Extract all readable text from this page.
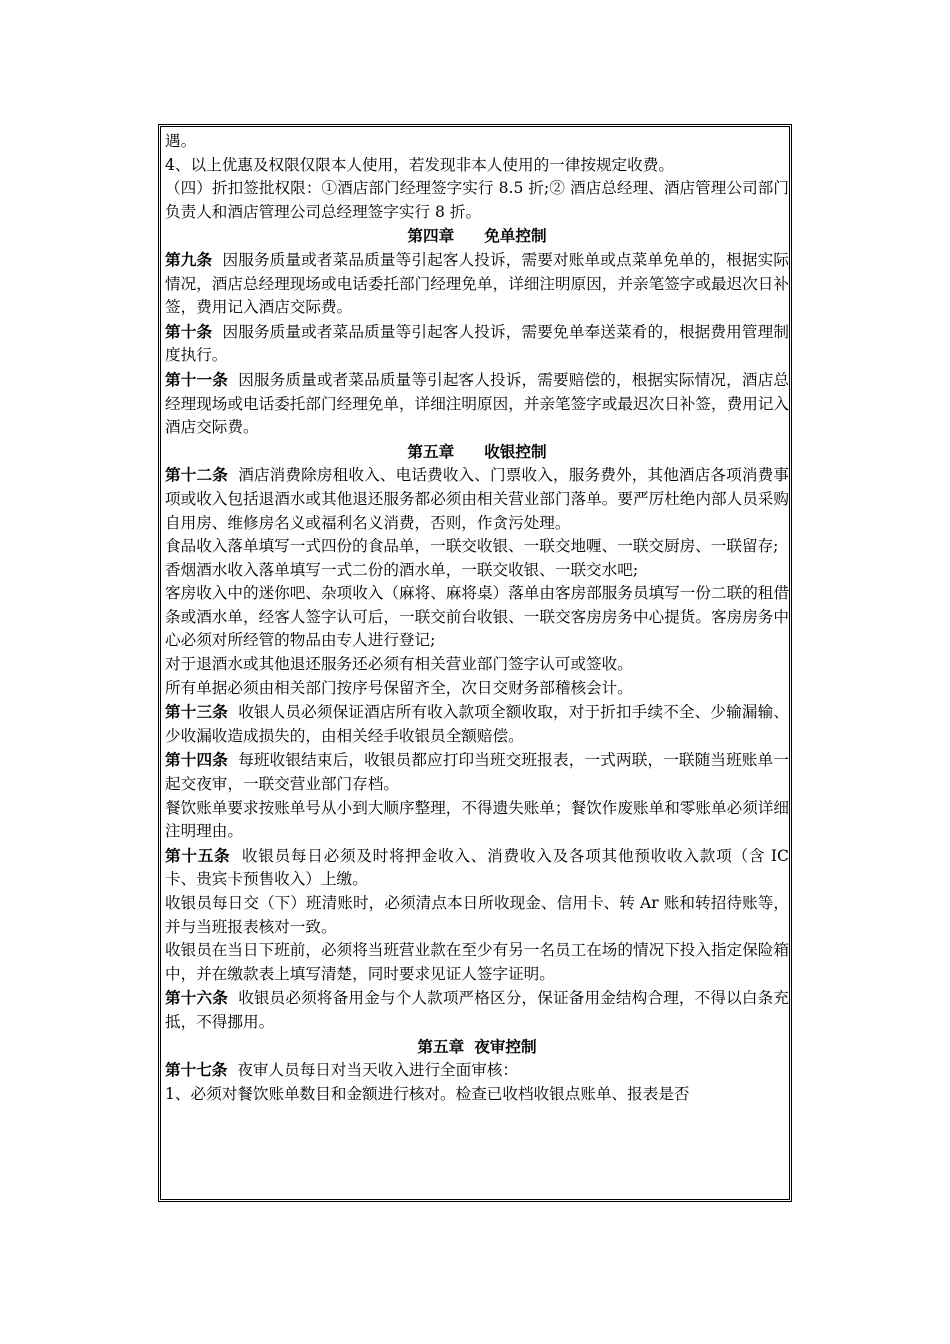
遇。

4、以上优惠及权限仅限本人使用，若发现非本人使用的一律按规定收费。

（四）折扣签批权限：①酒店部门经理签字实行 8.5 折;② 酒店总经理、酒店管理公司部门负责人和酒店管理公司总经理签字实行 8 折。

第四章 免单控制

第九条 因服务质量或者菜品质量等引起客人投诉，需要对账单或点菜单免单的，根据实际情况，酒店总经理现场或电话委托部门经理免单，详细注明原因，并亲笔签字或最迟次日补签，费用记入酒店交际费。

第十条 因服务质量或者菜品质量等引起客人投诉，需要免单奉送菜肴的，根据费用管理制度执行。

第十一条 因服务质量或者菜品质量等引起客人投诉，需要赔偿的，根据实际情况，酒店总经理现场或电话委托部门经理免单，详细注明原因，并亲笔签字或最迟次日补签，费用记入酒店交际费。

第五章 收银控制

第十二条 酒店消费除房租收入、电话费收入、门票收入，服务费外，其他酒店各项消费事项或收入包括退酒水或其他退还服务都必须由相关营业部门落单。要严厉杜绝内部人员采购自用房、维修房名义或福利名义消费，否则，作贪污处理。

食品收入落单填写一式四份的食品单，一联交收银、一联交地喱、一联交厨房、一联留存;

香烟酒水收入落单填写一式二份的酒水单，一联交收银、一联交水吧;

客房收入中的迷你吧、杂项收入（麻将、麻将桌）落单由客房部服务员填写一份二联的租借条或酒水单，经客人签字认可后，一联交前台收银、一联交客房房务中心提货。客房房务中心必须对所经管的物品由专人进行登记;

对于退酒水或其他退还服务还必须有相关营业部门签字认可或签收。

所有单据必须由相关部门按序号保留齐全，次日交财务部稽核会计。

第十三条 收银人员必须保证酒店所有收入款项全额收取，对于折扣手续不全、少输漏输、少收漏收造成损失的，由相关经手收银员全额赔偿。

第十四条 每班收银结束后，收银员都应打印当班交班报表，一式两联，一联随当班账单一起交夜审，一联交营业部门存档。

餐饮账单要求按账单号从小到大顺序整理，不得遗失账单；餐饮作废账单和零账单必须详细注明理由。

第十五条 收银员每日必须及时将押金收入、消费收入及各项其他预收收入款项（含 IC 卡、贵宾卡预售收入）上缴。

收银员每日交（下）班清账时，必须清点本日所收现金、信用卡、转 Ar 账和转招待账等，并与当班报表核对一致。

收银员在当日下班前，必须将当班营业款在至少有另一名员工在场的情况下投入指定保险箱中，并在缴款表上填写清楚，同时要求见证人签字证明。

第十六条 收银员必须将备用金与个人款项严格区分，保证备用金结构合理，不得以白条充抵，不得挪用。

第五章 夜审控制

第十七条 夜审人员每日对当天收入进行全面审核：

1、必须对餐饮账单数目和金额进行核对。检查已收档收银点账单、报表是否
